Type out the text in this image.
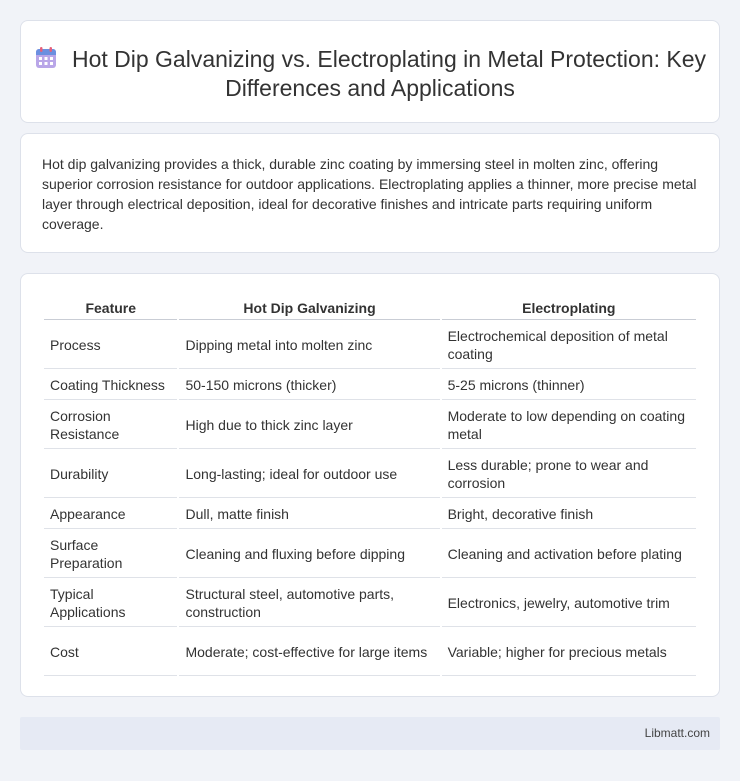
Hot Dip Galvanizing vs. Electroplating in Metal Protection: Key Differences and Applications

Hot dip galvanizing provides a thick, durable zinc coating by immersing steel in molten zinc, offering superior corrosion resistance for outdoor applications. Electroplating applies a thinner, more precise metal layer through electrical deposition, ideal for decorative finishes and intricate parts requiring uniform coverage.

Feature	Hot Dip Galvanizing	Electroplating
Process	Dipping metal into molten zinc	Electrochemical deposition of metal coating
Coating Thickness	50-150 microns (thicker)	5-25 microns (thinner)
Corrosion Resistance	High due to thick zinc layer	Moderate to low depending on coating metal
Durability	Long-lasting; ideal for outdoor use	Less durable; prone to wear and corrosion
Appearance	Dull, matte finish	Bright, decorative finish
Surface Preparation	Cleaning and fluxing before dipping	Cleaning and activation before plating
Typical Applications	Structural steel, automotive parts, construction	Electronics, jewelry, automotive trim
Cost	Moderate; cost-effective for large items	Variable; higher for precious metals
Libmatt.com
